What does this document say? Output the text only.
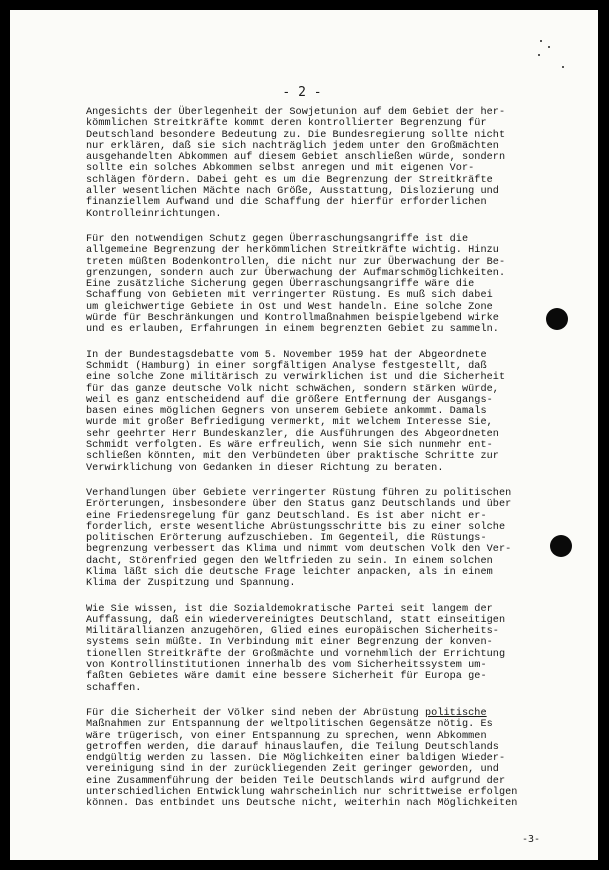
- 2 -

Angesichts der Überlegenheit der Sowjetunion auf dem Gebiet der her-
kömmlichen Streitkräfte kommt deren kontrollierter Begrenzung für
Deutschland besondere Bedeutung zu. Die Bundesregierung sollte nicht
nur erklären, daß sie sich nachträglich jedem unter den Großmächten
ausgehandelten Abkommen auf diesem Gebiet anschließen würde, sondern
sollte ein solches Abkommen selbst anregen und mit eigenen Vor-
schlägen fördern. Dabei geht es um die Begrenzung der Streitkräfte
aller wesentlichen Mächte nach Größe, Ausstattung, Dislozierung und
finanziellem Aufwand und die Schaffung der hierfür erforderlichen
Kontrolleinrichtungen.

Für den notwendigen Schutz gegen Überraschungsangriffe ist die
allgemeine Begrenzung der herkömmlichen Streitkräfte wichtig. Hinzu
treten müßten Bodenkontrollen, die nicht nur zur Überwachung der Be-
grenzungen, sondern auch zur Überwachung der Aufmarschmöglichkeiten.
Eine zusätzliche Sicherung gegen Überraschungsangriffe wäre die
Schaffung von Gebieten mit verringerter Rüstung. Es muß sich dabei
um gleichwertige Gebiete in Ost und West handeln. Eine solche Zone
würde für Beschränkungen und Kontrollmaßnahmen beispielgebend wirke
und es erlauben, Erfahrungen in einem begrenzten Gebiet zu sammeln.

In der Bundestagsdebatte vom 5. November 1959 hat der Abgeordnete
Schmidt (Hamburg) in einer sorgfältigen Analyse festgestellt, daß
eine solche Zone militärisch zu verwirklichen ist und die Sicherheit
für das ganze deutsche Volk nicht schwächen, sondern stärken würde,
weil es ganz entscheidend auf die größere Entfernung der Ausgangs-
basen eines möglichen Gegners von unserem Gebiete ankommt. Damals
wurde mit großer Befriedigung vermerkt, mit welchem Interesse Sie,
sehr geehrter Herr Bundeskanzler, die Ausführungen des Abgeordneten
Schmidt verfolgten. Es wäre erfreulich, wenn Sie sich nunmehr ent-
schließen könnten, mit den Verbündeten über praktische Schritte zur
Verwirklichung von Gedanken in dieser Richtung zu beraten.

Verhandlungen über Gebiete verringerter Rüstung führen zu politischen
Erörterungen, insbesondere über den Status ganz Deutschlands und über
eine Friedensregelung für ganz Deutschland. Es ist aber nicht er-
forderlich, erste wesentliche Abrüstungsschritte bis zu einer solche
politischen Erörterung aufzuschieben. Im Gegenteil, die Rüstungs-
begrenzung verbessert das Klima und nimmt vom deutschen Volk den Ver-
dacht, Störenfried gegen den Weltfrieden zu sein. In einem solchen
Klima läßt sich die deutsche Frage leichter anpacken, als in einem
Klima der Zuspitzung und Spannung.

Wie Sie wissen, ist die Sozialdemokratische Partei seit langem der
Auffassung, daß ein wiedervereinigtes Deutschland, statt einseitigen
Militärallianzen anzugehören, Glied eines europäischen Sicherheits-
systems sein müßte. In Verbindung mit einer Begrenzung der konven-
tionellen Streitkräfte der Großmächte und vornehmlich der Errichtung
von Kontrollinstitutionen innerhalb des vom Sicherheitssystem um-
faßten Gebietes wäre damit eine bessere Sicherheit für Europa ge-
schaffen.

Für die Sicherheit der Völker sind neben der Abrüstung politische
Maßnahmen zur Entspannung der weltpolitischen Gegensätze nötig. Es
wäre trügerisch, von einer Entspannung zu sprechen, wenn Abkommen
getroffen werden, die darauf hinauslaufen, die Teilung Deutschlands
endgültig werden zu lassen. Die Möglichkeiten einer baldigen Wieder-
vereinigung sind in der zurückliegenden Zeit geringer geworden, und
eine Zusammenführung der beiden Teile Deutschlands wird aufgrund der
unterschiedlichen Entwicklung wahrscheinlich nur schrittweise erfolgen
können. Das entbindet uns Deutsche nicht, weiterhin nach Möglichkeiten

-3-
